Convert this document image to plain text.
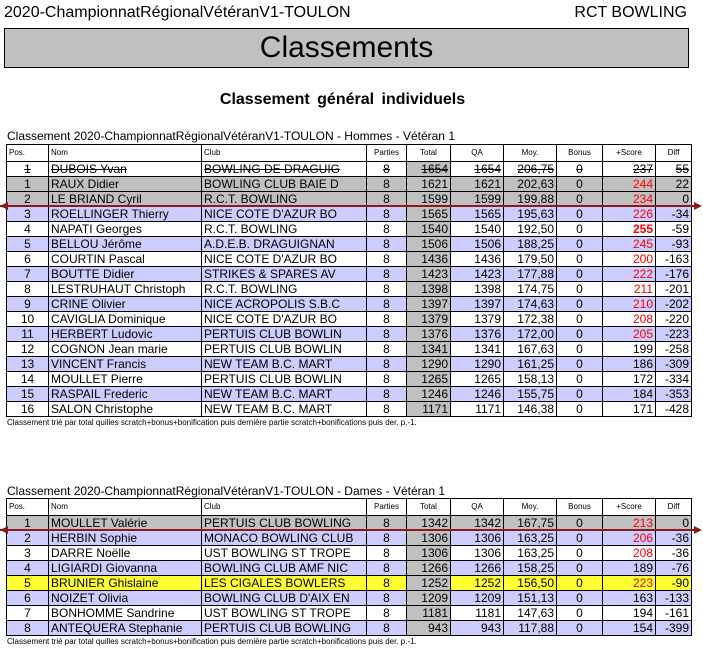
2020-ChampionnatRégionalVétéranV1-TOULON	RCT BOWLING
Classements
Classement général individuels
Classement 2020-ChampionnatRégionalVétéranV1-TOULON - Hommes - Vétéran 1
Pos.	Nom	Club	Parties	Total	QA	Moy.	Bonus	+Score	Diff
1	DUBOIS Yvan	BOWLING DE DRAGUIG	8	1654	1654	206,75	0	237	55
1	RAUX Didier	BOWLING CLUB BAIE D	8	1621	1621	202,63	0	244	22
2	LE BRIAND Cyril	R.C.T. BOWLING	8	1599	1599	199,88	0	234	0
3	ROELLINGER Thierry	NICE COTE D'AZUR BO	8	1565	1565	195,63	0	226	-34
4	NAPATI Georges	R.C.T. BOWLING	8	1540	1540	192,50	0	255	-59
5	BELLOU Jérôme	A.D.E.B. DRAGUIGNAN	8	1506	1506	188,25	0	245	-93
6	COURTIN Pascal	NICE COTE D'AZUR BO	8	1436	1436	179,50	0	200	-163
7	BOUTTE Didier	STRIKES & SPARES AV	8	1423	1423	177,88	0	222	-176
8	LESTRUHAUT Christoph	R.C.T. BOWLING	8	1398	1398	174,75	0	211	-201
9	CRINE Olivier	NICE ACROPOLIS S.B.C	8	1397	1397	174,63	0	210	-202
10	CAVIGLIA Dominique	NICE COTE D'AZUR BO	8	1379	1379	172,38	0	208	-220
11	HERBERT Ludovic	PERTUIS CLUB BOWLIN	8	1376	1376	172,00	0	205	-223
12	COGNON Jean marie	PERTUIS CLUB BOWLIN	8	1341	1341	167,63	0	199	-258
13	VINCENT Francis	NEW TEAM B.C. MART	8	1290	1290	161,25	0	186	-309
14	MOULLET Pierre	PERTUIS CLUB BOWLIN	8	1265	1265	158,13	0	172	-334
15	RASPAIL Frederic	NEW TEAM B.C. MART	8	1246	1246	155,75	0	184	-353
16	SALON Christophe	NEW TEAM B.C. MART	8	1171	1171	146,38	0	171	-428
Classement trié par total quilles scratch+bonus+bonification puis dernière partie scratch+bonifications puis der. p.-1.
Classement 2020-ChampionnatRégionalVétéranV1-TOULON - Dames - Vétéran 1
Pos.	Nom	Club	Parties	Total	QA	Moy.	Bonus	+Score	Diff
1	MOULLET Valérie	PERTUIS CLUB BOWLING	8	1342	1342	167,75	0	213	0
2	HERBIN Sophie	MONACO BOWLING CLUB	8	1306	1306	163,25	0	206	-36
3	DARRE Noëlle	UST BOWLING ST TROPE	8	1306	1306	163,25	0	208	-36
4	LIGIARDI Giovanna	BOWLING CLUB AMF NIC	8	1266	1266	158,25	0	189	-76
5	BRUNIER Ghislaine	LES CIGALES BOWLERS	8	1252	1252	156,50	0	223	-90
6	NOIZET Olivia	BOWLING CLUB D'AIX EN	8	1209	1209	151,13	0	163	-133
7	BONHOMME Sandrine	UST BOWLING ST TROPE	8	1181	1181	147,63	0	194	-161
8	ANTEQUERA Stephanie	PERTUIS CLUB BOWLING	8	943	943	117,88	0	154	-399
Classement trié par total quilles scratch+bonus+bonification puis dernière partie scratch+bonifications puis der. p.-1.
